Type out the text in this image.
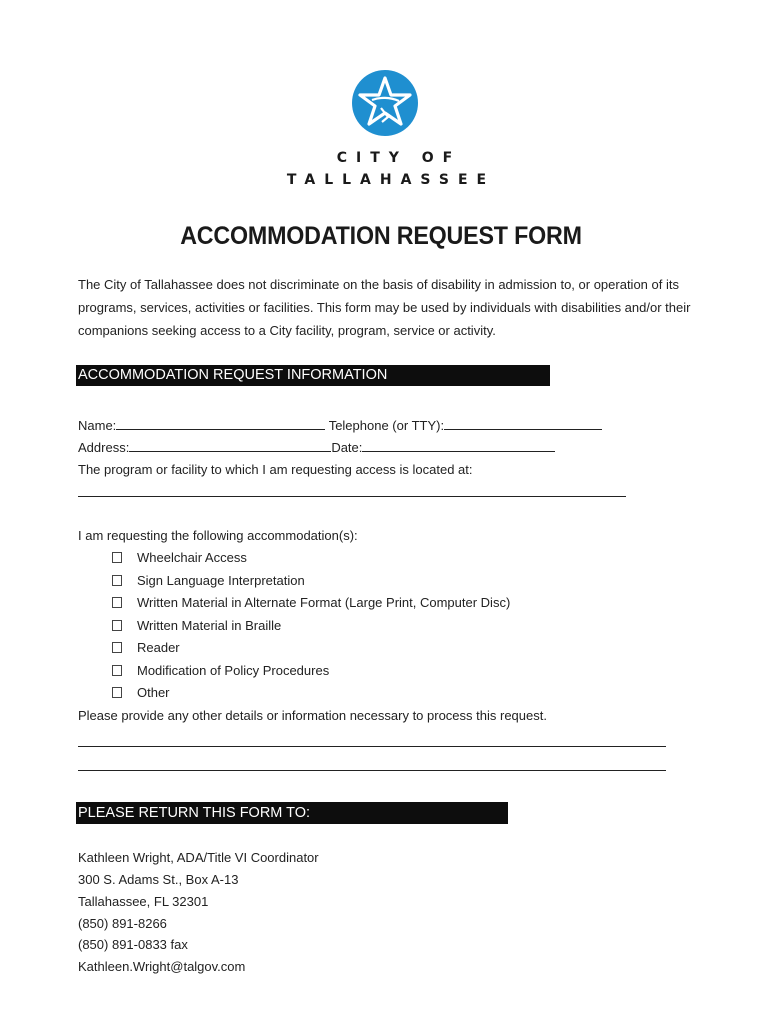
CITY OF
TALLAHASSEE
ACCOMMODATION REQUEST FORM
The City of Tallahassee does not discriminate on the basis of disability in admission to, or operation of its programs, services, activities or facilities. This form may be used by individuals with disabilities and/or their companions seeking access to a City facility, program, service or activity.
ACCOMMODATION REQUEST INFORMATION
Name:	Telephone (or TTY):
Address:	Date:
The program or facility to which I am requesting access is located at:
I am requesting the following accommodation(s):
Wheelchair Access
Sign Language Interpretation
Written Material in Alternate Format (Large Print, Computer Disc)
Written Material in Braille
Reader
Modification of Policy Procedures
Other
Please provide any other details or information necessary to process this request.
PLEASE RETURN THIS FORM TO:
Kathleen Wright, ADA/Title VI Coordinator
300 S. Adams St., Box A-13
Tallahassee, FL 32301
(850) 891-8266
(850) 891-0833 fax
Kathleen.Wright@talgov.com
